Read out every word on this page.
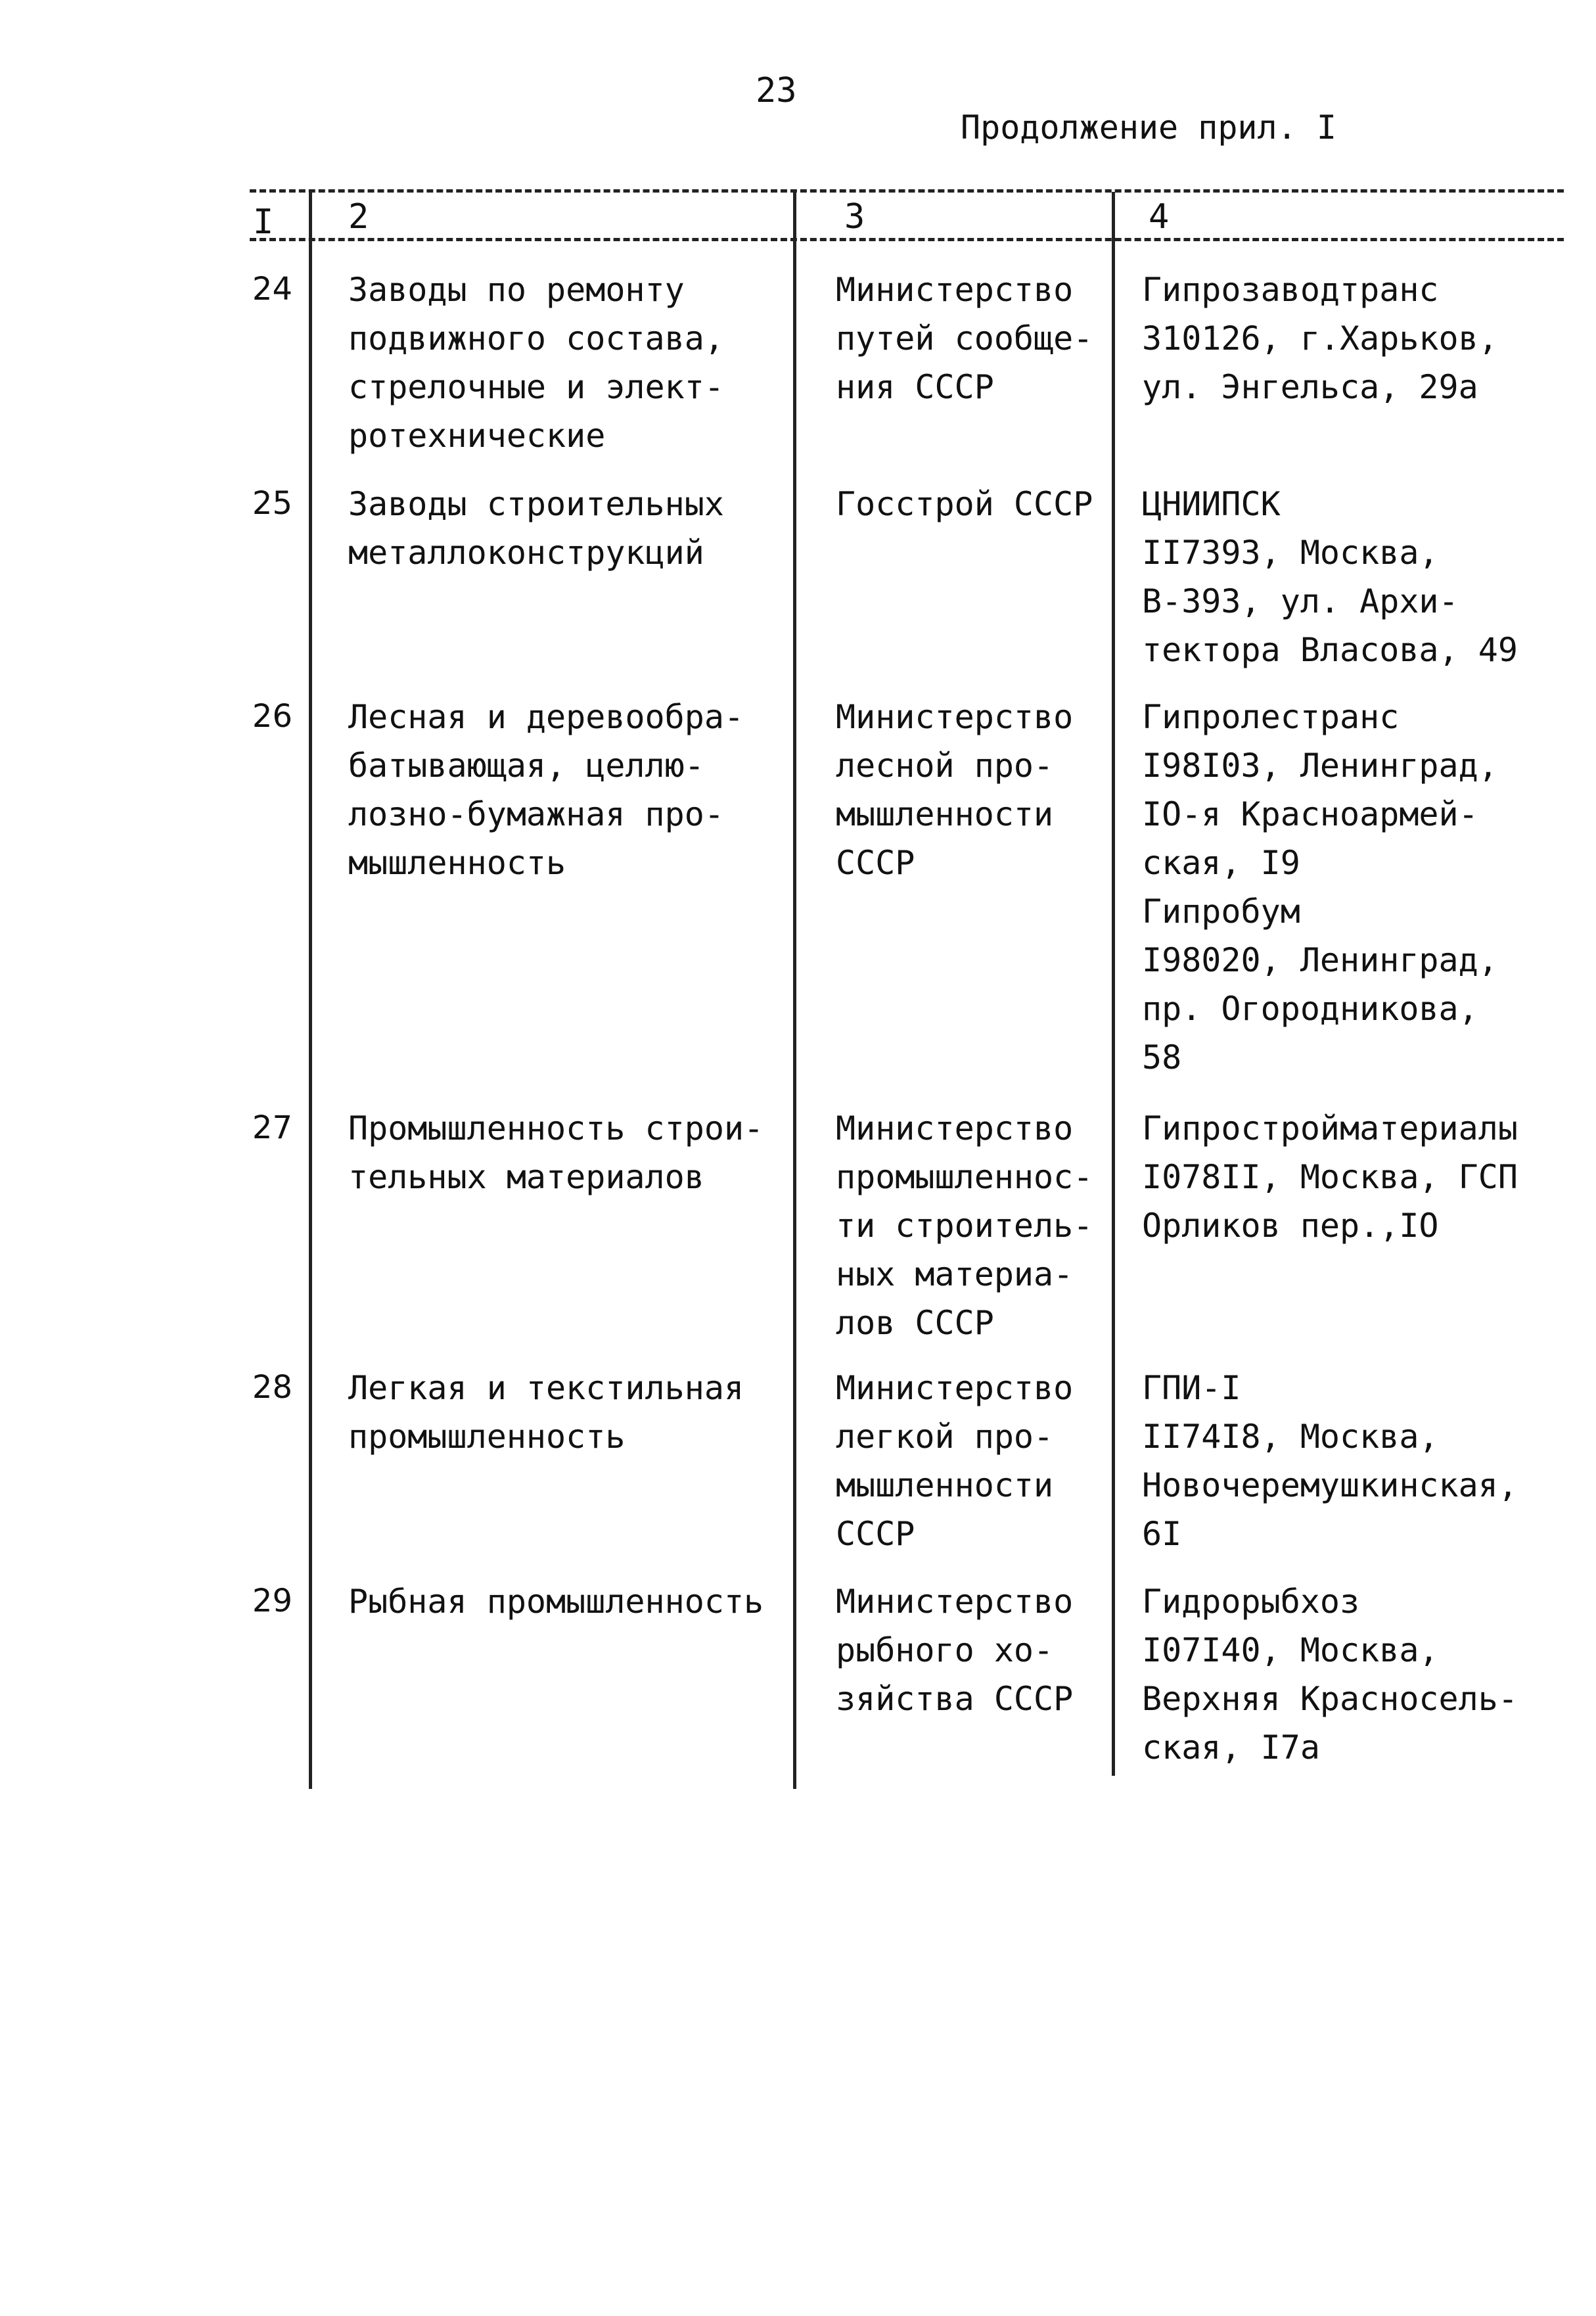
23
Продолжение прил. I
I 2	3	4
24 Заводы по ремонту
подвижного состава,
стрелочные и элект-
ротехнические
Министерство
путей сообще-
ния СССР
Гипрозаводтранс
310126, г.Харьков,
ул. Энгельса, 29а
25 Заводы строительных
металлоконструкций
Госстрой СССР ЦНИИПСК
II7393, Москва,
В-393, ул. Архи-
тектора Власова, 49
26 Лесная и деревообра-
батывающая, целлю-
лозно-бумажная про-
мышленность
Министерство
лесной про-
мышленности
СССР
Гипролестранс
I98I03, Ленинград,
IO-я Красноармей-
ская, I9
Гипробум
I98020, Ленинград,
пр. Огородникова,
58
27 Промышленность строи-
тельных материалов
Министерство
промышленнос-
ти строитель-
ных материа-
лов СССР
Гипростройматериалы
I078II, Москва, ГСП
Орликов пер.,IO
28 Легкая и текстильная
промышленность
Министерство
легкой про-
мышленности
СССР
ГПИ-I
II74I8, Москва,
Новочеремушкинская,
6I
29 Рыбная промышленность Министерство
рыбного хо-
зяйства СССР
Гидрорыбхоз
I07I40, Москва,
Верхняя Красносель-
ская, I7а
